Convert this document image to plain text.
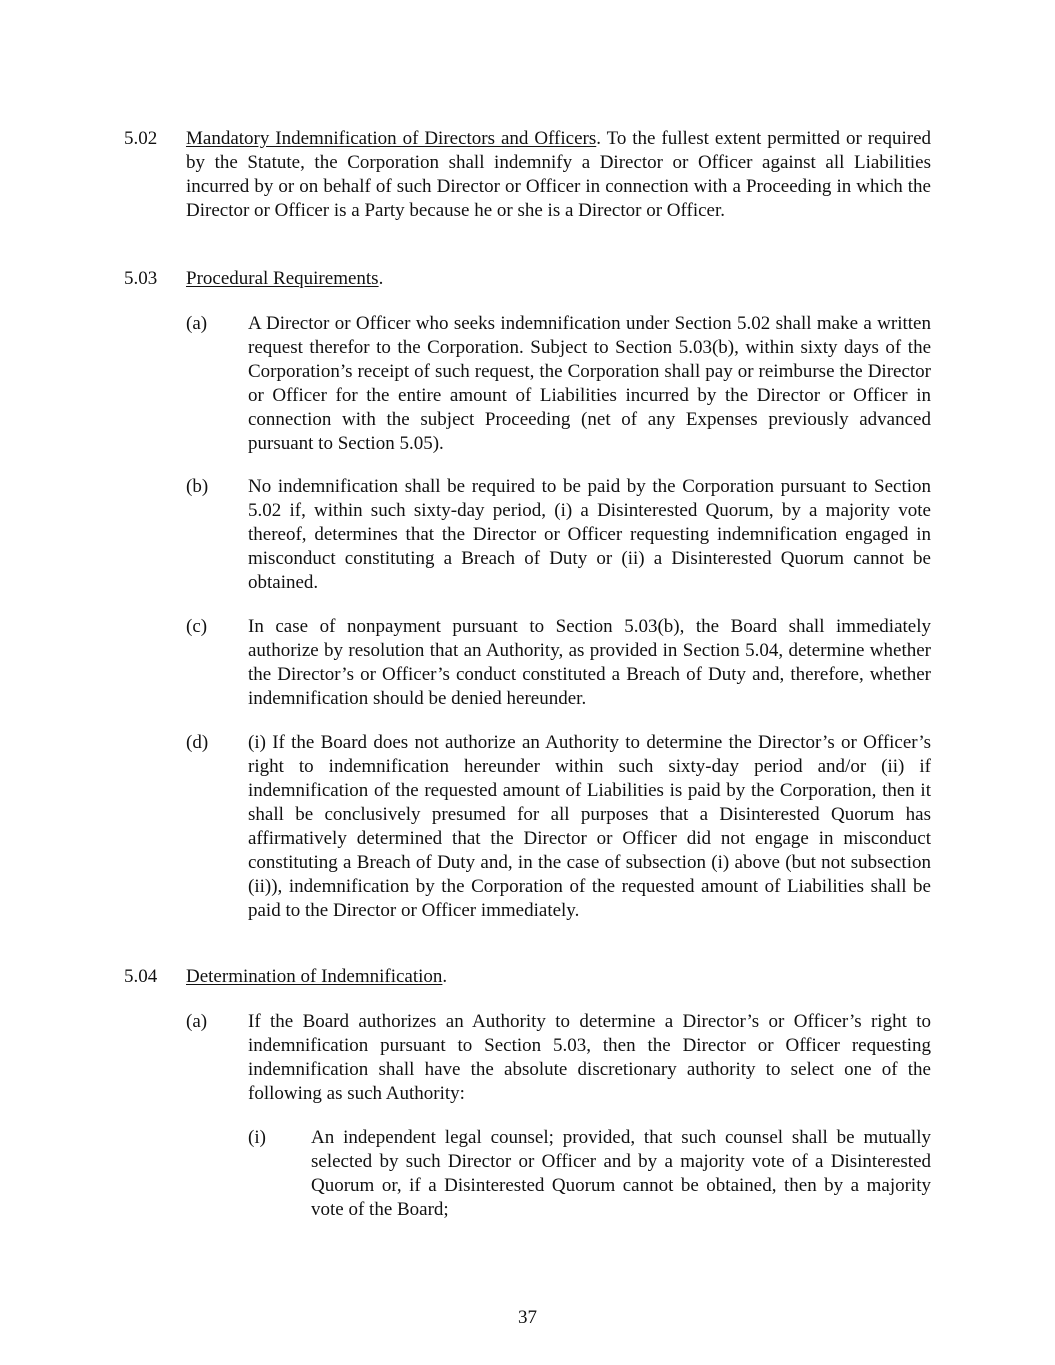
5.02 Mandatory Indemnification of Directors and Officers. To the fullest extent permitted or required by the Statute, the Corporation shall indemnify a Director or Officer against all Liabilities incurred by or on behalf of such Director or Officer in connection with a Proceeding in which the Director or Officer is a Party because he or she is a Director or Officer.
5.03 Procedural Requirements.
(a) A Director or Officer who seeks indemnification under Section 5.02 shall make a written request therefor to the Corporation. Subject to Section 5.03(b), within sixty days of the Corporation’s receipt of such request, the Corporation shall pay or reimburse the Director or Officer for the entire amount of Liabilities incurred by the Director or Officer in connection with the subject Proceeding (net of any Expenses previously advanced pursuant to Section 5.05).
(b) No indemnification shall be required to be paid by the Corporation pursuant to Section 5.02 if, within such sixty-day period, (i) a Disinterested Quorum, by a majority vote thereof, determines that the Director or Officer requesting indemnification engaged in misconduct constituting a Breach of Duty or (ii) a Disinterested Quorum cannot be obtained.
(c) In case of nonpayment pursuant to Section 5.03(b), the Board shall immediately authorize by resolution that an Authority, as provided in Section 5.04, determine whether the Director’s or Officer’s conduct constituted a Breach of Duty and, therefore, whether indemnification should be denied hereunder.
(d) (i) If the Board does not authorize an Authority to determine the Director’s or Officer’s right to indemnification hereunder within such sixty-day period and/or (ii) if indemnification of the requested amount of Liabilities is paid by the Corporation, then it shall be conclusively presumed for all purposes that a Disinterested Quorum has affirmatively determined that the Director or Officer did not engage in misconduct constituting a Breach of Duty and, in the case of subsection (i) above (but not subsection (ii)), indemnification by the Corporation of the requested amount of Liabilities shall be paid to the Director or Officer immediately.
5.04 Determination of Indemnification.
(a) If the Board authorizes an Authority to determine a Director’s or Officer’s right to indemnification pursuant to Section 5.03, then the Director or Officer requesting indemnification shall have the absolute discretionary authority to select one of the following as such Authority:
(i) An independent legal counsel; provided, that such counsel shall be mutually selected by such Director or Officer and by a majority vote of a Disinterested Quorum or, if a Disinterested Quorum cannot be obtained, then by a majority vote of the Board;
37
